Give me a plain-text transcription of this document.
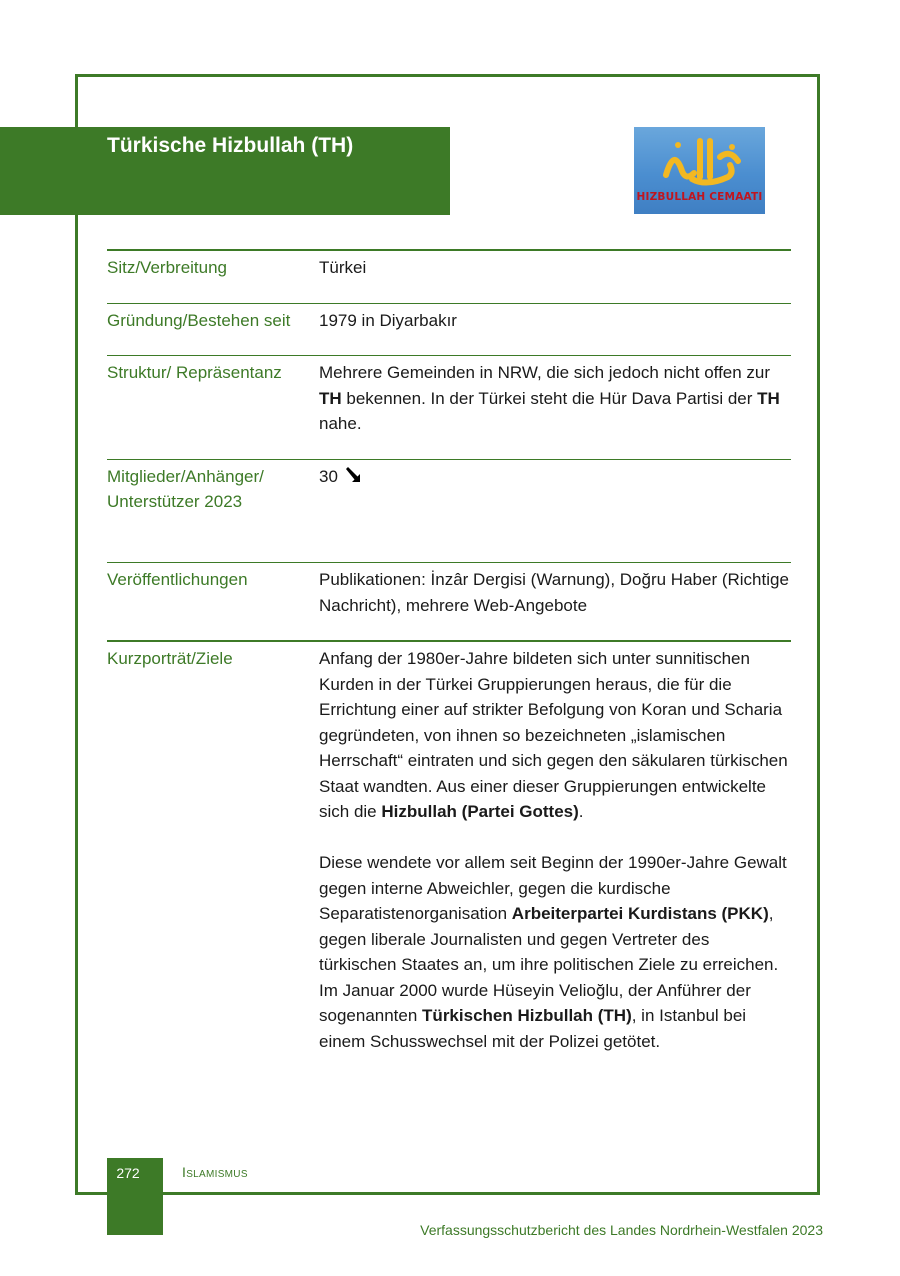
Türkische Hizbullah (TH)
HIZBULLAH CEMAATI
Sitz/Verbreitung	Türkei
Gründung/Bestehen seit	1979 in Diyarbakır
Struktur/ Repräsentanz	Mehrere Gemeinden in NRW, die sich jedoch nicht offen zur TH bekennen. In der Türkei steht die Hür Dava Partisi der TH nahe.
Mitglieder/Anhänger/ Unterstützer 2023	30
Veröffentlichungen	Publikationen: İnzâr Dergisi (Warnung), Doğru Haber (Richtige Nachricht), mehrere Web-Angebote
Kurzporträt/Ziele	Anfang der 1980er-Jahre bildeten sich unter sunnitischen Kurden in der Türkei Gruppierungen heraus, die für die Errichtung einer auf strikter Befolgung von Koran und Scharia gegründeten, von ihnen so bezeichneten „islamischen Herrschaft“ eintraten und sich gegen den säkularen türkischen Staat wandten. Aus einer dieser Gruppierungen entwickelte sich die Hizbullah (Partei Gottes).

Diese wendete vor allem seit Beginn der 1990er-Jahre Gewalt gegen interne Abweichler, gegen die kurdische Separatistenorganisation Arbeiterpartei Kurdistans (PKK), gegen liberale Journalisten und gegen Vertreter des türkischen Staates an, um ihre politischen Ziele zu erreichen. Im Januar 2000 wurde Hüseyin Velioğlu, der Anführer der sogenannten Türkischen Hizbullah (TH), in Istanbul bei einem Schusswechsel mit der Polizei getötet.

272	Islamismus
Verfassungsschutzbericht des Landes Nordrhein-Westfalen 2023
